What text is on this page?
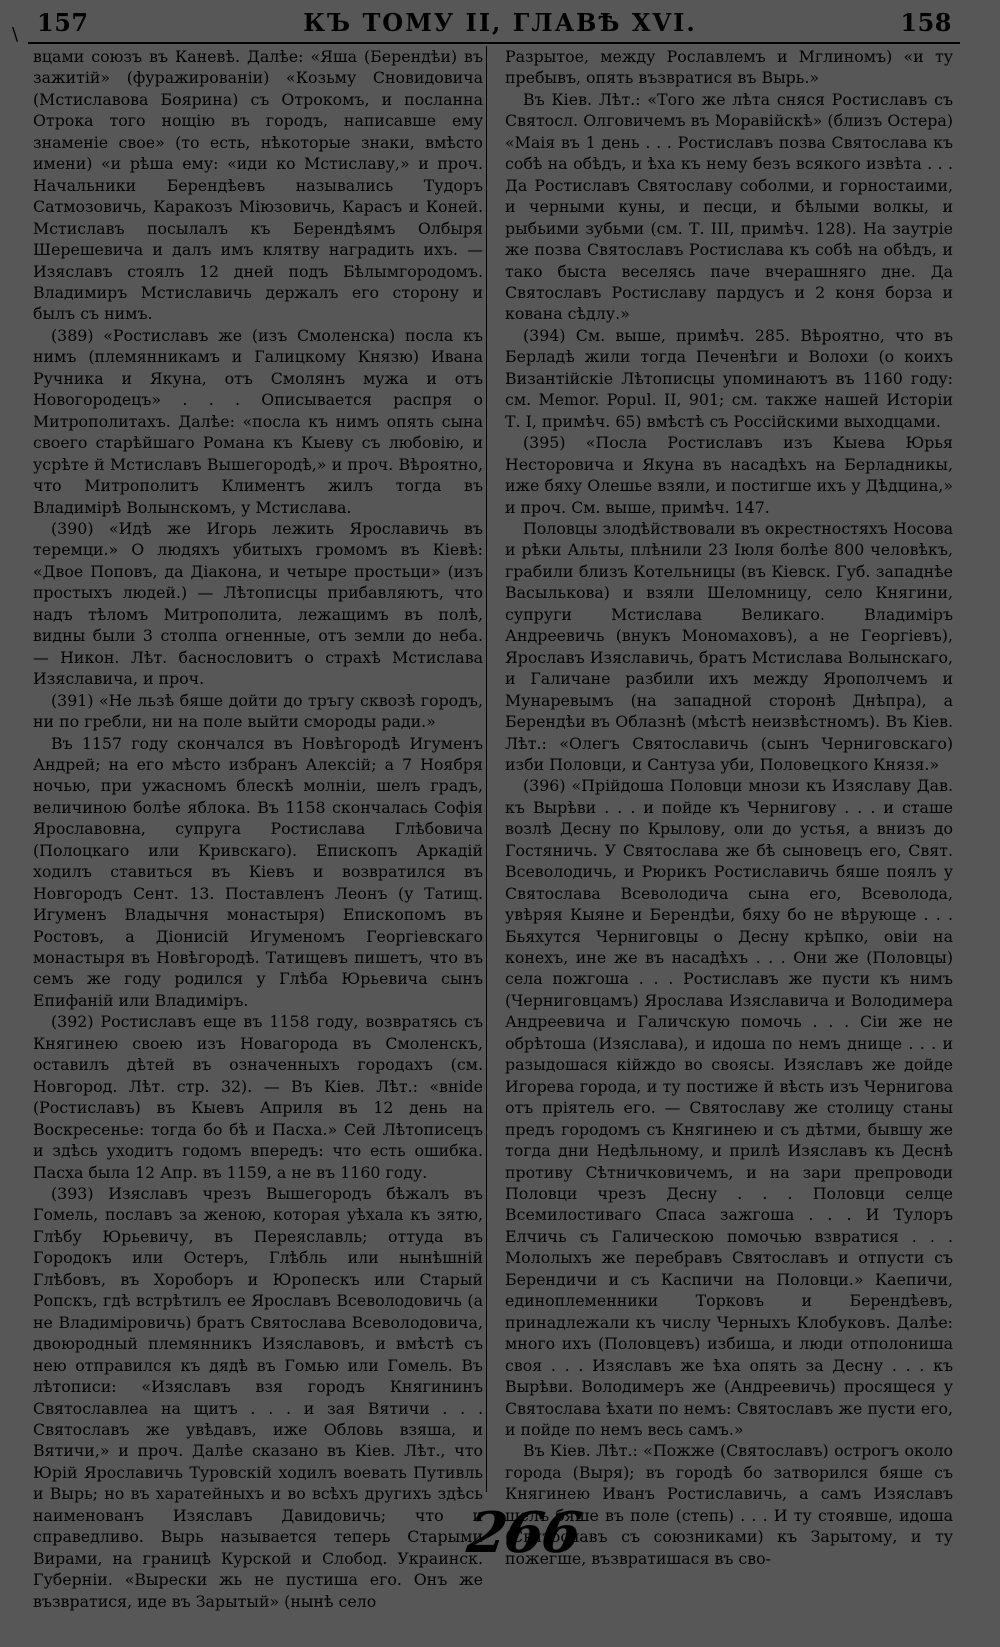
\ 157	КЪ ТОМУ II, ГЛАВѢ XVI.	158

вцами союзъ въ Каневѣ. Далѣе: «Яша (Берендѣи) въ зажитій» (фуражированіи) «Козьму Сновидовича (Мстиславова Боярина) съ Отрокомъ, и посланна Отрока того нощію въ городъ, написавше ему знаменіе свое» (то есть, нѣкоторые знаки, вмѣсто имени) «и рѣша ему: «иди ко Мстиславу,» и проч. Начальники Берендѣевъ назывались Тудоръ Сатмозовичь, Каракозъ Міюзовичь, Карасъ и Коней. Мстиславъ посылалъ къ Берендѣямъ Олбыря Шерешевича и далъ имъ клятву наградить ихъ. — Изяславъ стоялъ 12 дней подъ Бѣлымгородомъ. Владимиръ Мстиславичь держалъ его сторону и былъ съ нимъ.

(389) «Ростиславъ же (изъ Смоленска) посла къ нимъ (племянникамъ и Галицкому Князю) Ивана Ручника и Якуна, отъ Смолянъ мужа и отъ Новогородецъ» . . . Описывается распря о Митрополитахъ. Далѣе: «посла къ нимъ опять сына своего старѣйшаго Романа къ Кыеву съ любовію, и усрѣте й Мстиславъ Вышегородѣ,» и проч. Вѣроятно, что Митрополитъ Климентъ жилъ тогда въ Владимірѣ Волынскомъ, у Мстислава.

(390) «Идѣ же Игорь лежить Ярославичь въ теремци.» О людяхъ убитыхъ громомъ въ Кіевѣ: «Двое Поповъ, да Діакона, и четыре простьци» (изъ простыхъ людей.) — Лѣтописцы прибавляютъ, что надъ тѣломъ Митрополита, лежащимъ въ полѣ, видны были 3 столпа огненные, отъ земли до неба. — Никон. Лѣт. баснословитъ о страхѣ Мстислава Изяславича, и проч.

(391) «Не льзѣ бяше дойти до тръгу сквозѣ городъ, ни по гребли, ни на поле выйти смороды ради.»

Въ 1157 году скончался въ Новѣгородѣ Игуменъ Андрей; на его мѣсто избранъ Алексій; а 7 Ноября ночью, при ужасномъ блескѣ молніи, шелъ градъ, величиною болѣе яблока. Въ 1158 скончалась Софія Ярославовна, супруга Ростислава Глѣбовича (Полоцкаго или Кривскаго). Епископъ Аркадій ходилъ ставиться въ Кіевъ и возвратился въ Новгородъ Сент. 13. Поставленъ Леонъ (у Татищ. Игуменъ Владычня монастыря) Епископомъ въ Ростовъ, а Діонисій Игуменомъ Георгіевскаго монастыря въ Новѣгородѣ. Татищевъ пишетъ, что въ семъ же году родился у Глѣба Юрьевича сынъ Епифаній или Владиміръ.

(392) Ростиславъ еще въ 1158 году, возвратясь съ Княгинею своею изъ Новагорода въ Смоленскъ, оставилъ дѣтей въ означенныхъ городахъ (см. Новгород. Лѣт. стр. 32). — Въ Кіев. Лѣт.: «внide (Ростиславъ) въ Кыевъ Априля въ 12 день на Воскресенье: тогда бо бѣ и Пасха.» Сей Лѣтописецъ и здѣсь уходитъ годомъ впередъ: что есть ошибка. Пасха была 12 Апр. въ 1159, а не въ 1160 году.

(393) Изяславъ чрезъ Вышегородъ бѣжалъ въ Гомель, пославъ за женою, которая уѣхала къ зятю, Глѣбу Юрьевичу, въ Переяславль; оттуда въ Городокъ или Остеръ, Глѣбль или нынѣшній Глѣбовъ, въ Хороборъ и Юропескъ или Старый Ропскъ, гдѣ встрѣтилъ ее Ярославъ Всеволодовичь (а не Владиміровичь) братъ Святослава Всеволодовича, двоюродный племянникъ Изяславовъ, и вмѣстѣ съ нею отправился къ дядѣ въ Гомью или Гомель. Въ лѣтописи: «Изяславъ взя городъ Княгининъ Святославлеа на щитъ . . . и зая Вятичи . . . Святославъ же увѣдавъ, иже Обловь взяша, и Вятичи,» и проч. Далѣе сказано въ Кіев. Лѣт., что Юрій Ярославичь Туровскій ходилъ воевать Путивль и Вырь; но въ харатейныхъ и во всѣхъ другихъ здѣсь наименованъ Изяславъ Давидовичь; что и справедливо. Вырь называется теперь Старыми Вирами, на границѣ Курской и Слобод. Украинск. Губерніи. «Вырески жь не пустиша его. Онъ же възвратися, иде въ Зарытый» (нынѣ село

Разрытое, между Рославлемъ и Мглиномъ) «и ту пребывъ, опять възвратися въ Вырь.»

Въ Кіев. Лѣт.: «Того же лѣта сняся Ростиславъ съ Святосл. Олговичемъ въ Моравійскѣ» (близъ Остера) «Маія въ 1 день . . . Ростиславъ позва Святослава къ собѣ на обѣдъ, и ѣха къ нему безъ всякого извѣта . . . Да Ростиславъ Святославу соболми, и горностаими, и черными куны, и песци, и бѣлыми волкы, и рыбьими зубьми (см. Т. III, примѣч. 128). На заутріе же позва Святославъ Ростислава къ собѣ на обѣдъ, и тако быста веселясь паче вчерашняго дне. Да Святославъ Ростиславу пардусъ и 2 коня борза и кована сѣдлу.»

(394) См. выше, примѣч. 285. Вѣроятно, что въ Берладѣ жили тогда Печенѣги и Волохи (о коихъ Византійскіе Лѣтописцы упоминаютъ въ 1160 году: см. Memor. Popul. II, 901; см. также нашей Исторіи Т. I, примѣч. 65) вмѣстѣ съ Россійскими выходцами.

(395) «Посла Ростиславъ изъ Кыева Юрья Несторовича и Якуна въ насадѣхъ на Берладникы, иже бяху Олешье взяли, и постигше ихъ у Дѣдцина,» и проч. См. выше, примѣч. 147.

Половцы злодѣйствовали въ окрестностяхъ Носова и рѣки Альты, плѣнили 23 Іюля болѣе 800 человѣкъ, грабили близъ Котельницы (въ Кіевск. Губ. западнѣе Васылькова) и взяли Шеломницу, село Княгини, супруги Мстислава Великаго. Владиміръ Андреевичь (внукъ Мономаховъ), а не Георгіевъ), Ярославъ Изяславичь, братъ Мстислава Волынскаго, и Галичане разбили ихъ между Ярополчемъ и Мунаревымъ (на западной сторонѣ Днѣпра), а Берендѣи въ Облазнѣ (мѣстѣ неизвѣстномъ). Въ Кіев. Лѣт.: «Олегъ Святославичь (сынъ Черниговскаго) изби Половци, и Сантуза уби, Половецкого Князя.»

(396) «Прійдоша Половци мнози къ Изяславу Дав. къ Вырѣви . . . и пойде къ Чернигову . . . и сташе возлѣ Десну по Крылову, оли до устья, а внизъ до Гостяничь. У Святослава же бѣ сыновецъ его, Свят. Всеволодичь, и Рюрикъ Ростиславичь бяше поялъ у Святослава Всеволодича сына его, Всеволода, увѣряя Кыяне и Берендѣи, бяху бо не вѣрующе . . . Бьяхутся Черниговцы о Десну крѣпко, овіи на конехъ, ине же въ насадѣхъ . . . Они же (Половцы) села пожгоша . . . Ростиславъ же пусти къ нимъ (Черниговцамъ) Ярослава Изяславича и Володимера Андреевича и Галичскую помочь . . . Сіи же не обрѣтоша (Изяслава), и идоша по немъ днище . . . и разыдошася кійждо во своясы. Изяславъ же дойде Игорева города, и ту постиже й вѣсть изъ Чернигова отъ пріятель его. — Святославу же столицу станы предъ городомъ съ Княгинею и съ дѣтми, бывшу же тогда дни Недѣльному, и прилѣ Изяславъ къ Деснѣ противу Сѣтничковичемъ, и на зари препроводи Половци чрезъ Десну . . . Половци селце Всемилостиваго Спаса зажгоша . . . И Тулоръ Елчичь съ Галическою помочью взвратися . . . Мололыхъ же перебравъ Святославъ и отпусти съ Берендичи и съ Каспичи на Половци.» Каепичи, единоплеменники Торковъ и Берендѣевъ, принадлежали къ числу Черныхъ Клобуковъ. Далѣе: много ихъ (Половцевъ) избиша, и люди отполониша своя . . . Изяславъ же ѣха опять за Десну . . . къ Вырѣви. Володимеръ же (Андреевичь) просящеся у Святослава ѣхати по немъ: Святославъ же пусти его, и пойде по немъ весь самъ.»

Въ Кіев. Лѣт.: «Пожже (Святославъ) острогъ около города (Выря); въ городѣ бо затворился бяше съ Княгинею Иванъ Ростиславичь, а самъ Изяславъ шелъ бяше въ поле (степь) . . . И ту стоявше, идоша (Святославъ съ союзниками) къ Зарытому, и ту пожегше, възвратишася въ сво-

266
